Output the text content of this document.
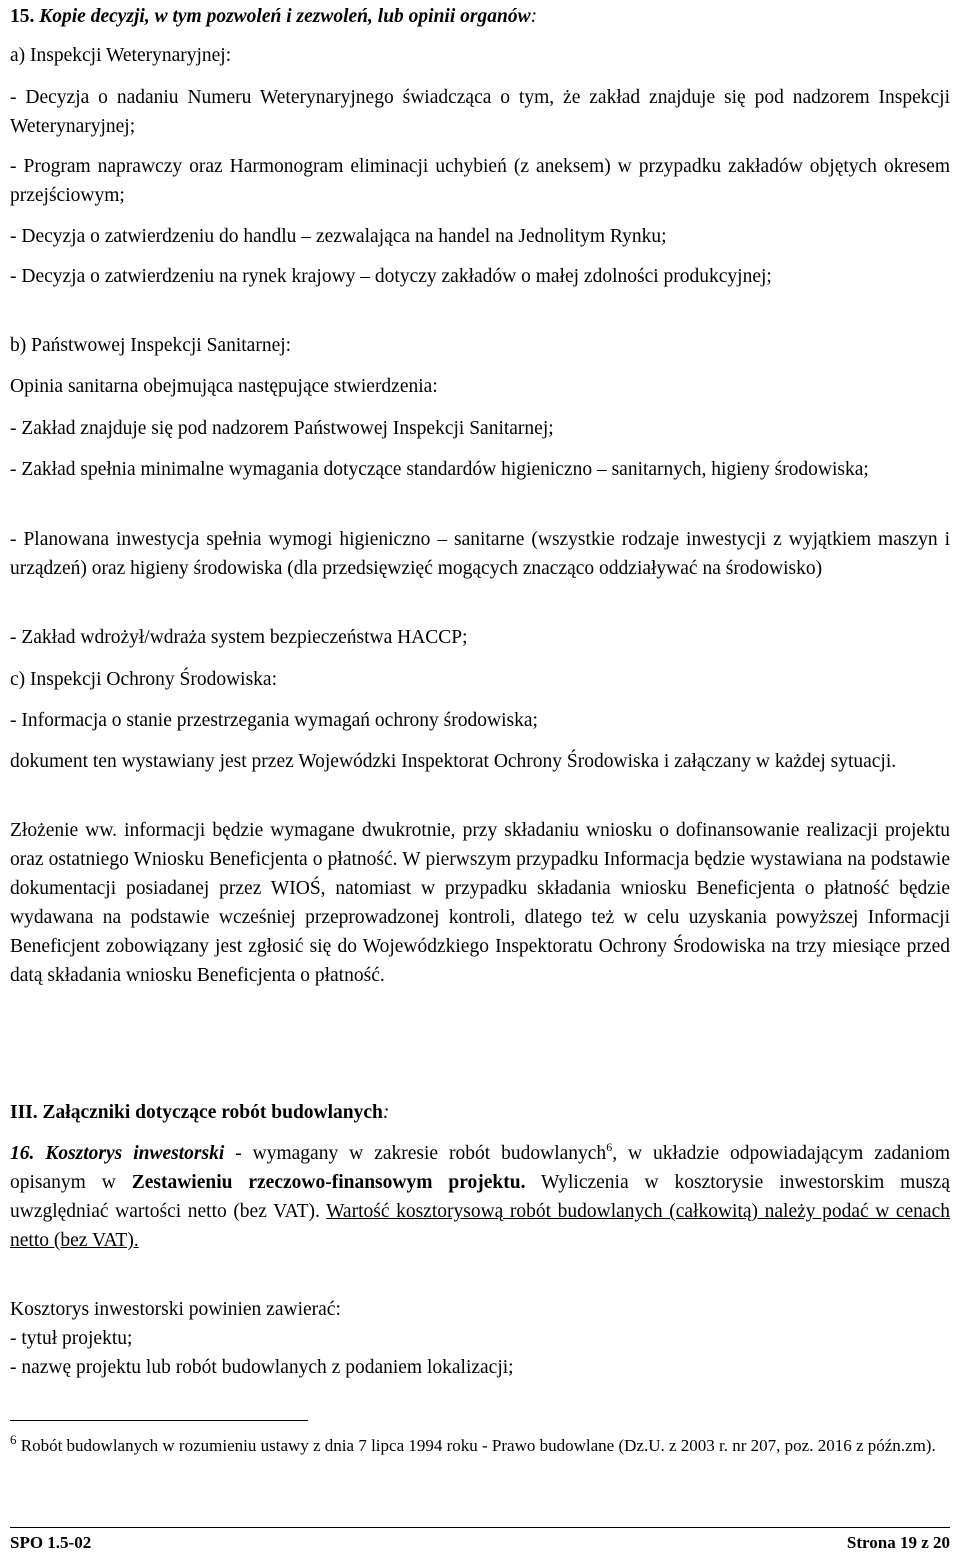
15. Kopie decyzji, w tym pozwoleń i zezwoleń, lub opinii organów:

a) Inspekcji Weterynaryjnej:

- Decyzja o nadaniu Numeru Weterynaryjnego świadcząca o tym, że zakład znajduje się pod nadzorem Inspekcji Weterynaryjnej;

- Program naprawczy oraz Harmonogram eliminacji uchybień (z aneksem) w przypadku zakładów objętych okresem przejściowym;

- Decyzja o zatwierdzeniu do handlu – zezwalająca na handel na Jednolitym Rynku;

- Decyzja o zatwierdzeniu na rynek krajowy – dotyczy zakładów o małej zdolności produkcyjnej;

b) Państwowej Inspekcji Sanitarnej:

Opinia sanitarna obejmująca następujące stwierdzenia:

- Zakład znajduje się pod nadzorem Państwowej Inspekcji Sanitarnej;

- Zakład spełnia minimalne wymagania dotyczące standardów higieniczno – sanitarnych, higieny środowiska;

- Planowana inwestycja spełnia wymogi higieniczno – sanitarne (wszystkie rodzaje inwestycji z wyjątkiem maszyn i urządzeń) oraz higieny środowiska (dla przedsięwzięć mogących znacząco oddziaływać na środowisko)

- Zakład wdrożył/wdraża system bezpieczeństwa HACCP;

c) Inspekcji Ochrony Środowiska:

- Informacja o stanie przestrzegania wymagań ochrony środowiska;

dokument ten wystawiany jest przez Wojewódzki Inspektorat Ochrony Środowiska i załączany w każdej sytuacji.

Złożenie ww. informacji będzie wymagane dwukrotnie, przy składaniu wniosku o dofinansowanie realizacji projektu oraz ostatniego Wniosku Beneficjenta o płatność. W pierwszym przypadku Informacja będzie wystawiana na podstawie dokumentacji posiadanej przez WIOŚ, natomiast w przypadku składania wniosku Beneficjenta o płatność będzie wydawana na podstawie wcześniej przeprowadzonej kontroli, dlatego też w celu uzyskania powyższej Informacji Beneficjent zobowiązany jest zgłosić się do Wojewódzkiego Inspektoratu Ochrony Środowiska na trzy miesiące przed datą składania wniosku Beneficjenta o płatność.

III. Załączniki dotyczące robót budowlanych:

16. Kosztorys inwestorski - wymagany w zakresie robót budowlanych$^6$, w układzie odpowiadającym zadaniom opisanym w Zestawieniu rzeczowo-finansowym projektu. Wyliczenia w kosztorysie inwestorskim muszą uwzględniać wartości netto (bez VAT). Wartość kosztorysową robót budowlanych (całkowitą) należy podać w cenach netto (bez VAT).

Kosztorys inwestorski powinien zawierać:

- tytuł projektu;

- nazwę projektu lub robót budowlanych z podaniem lokalizacji;

$^6$ Robót budowlanych w rozumieniu ustawy z dnia 7 lipca 1994 roku - Prawo budowlane (Dz.U. z 2003 r. nr 207, poz. 2016 z późn.zm).
SPO 1.5-02	Strona 19 z 20
